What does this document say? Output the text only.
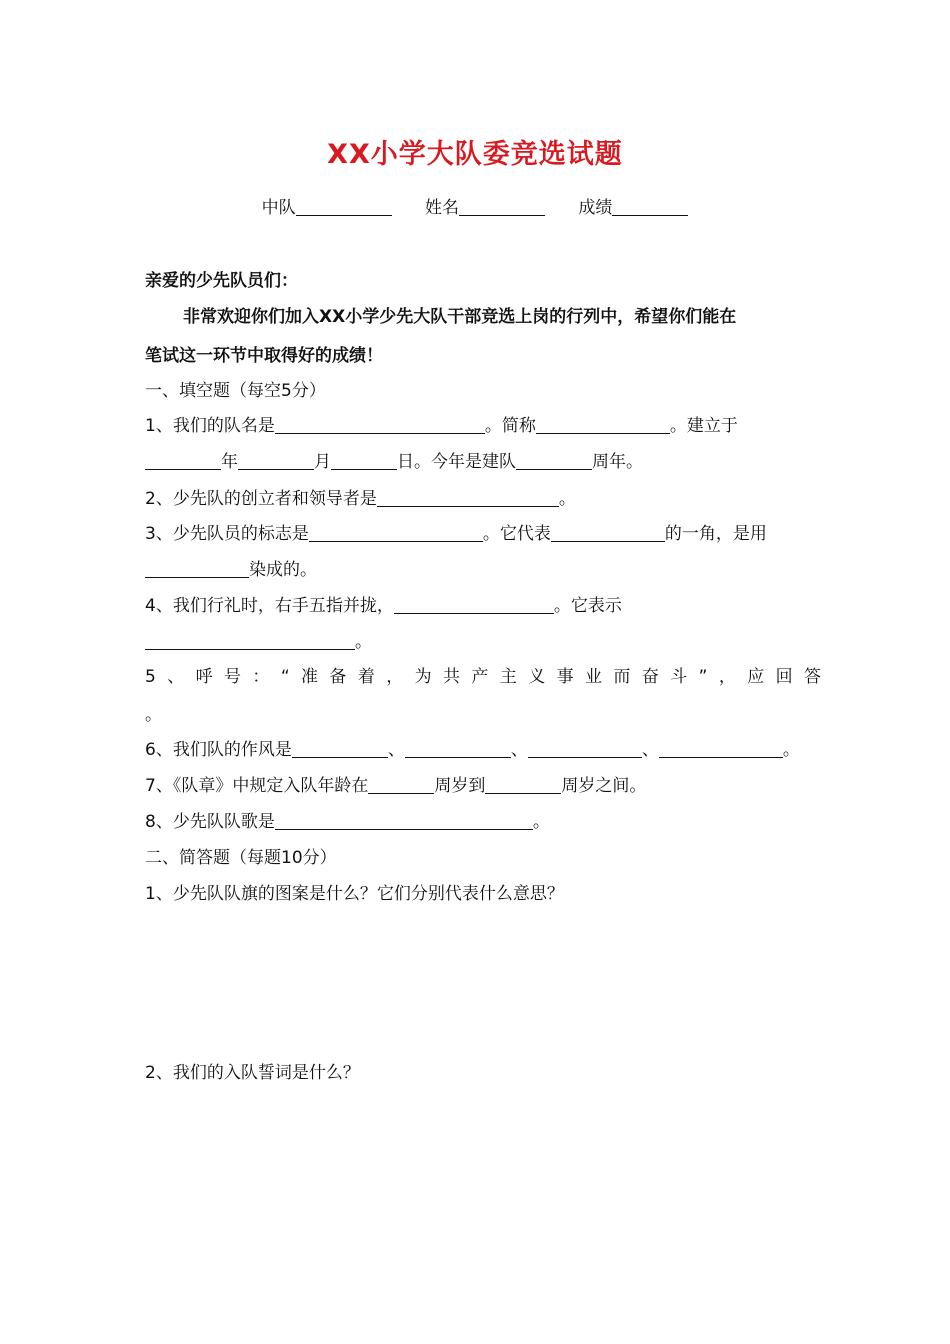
XX小学大队委竞选试题
中队	姓名	成绩
亲爱的少先队员们：
非常欢迎你们加入XX小学少先大队干部竞选上岗的行列中，希望你们能在
笔试这一环节中取得好的成绩！
一、填空题（每空5分）
1、我们的队名是	。简称	。建立于
年	月	日。今年是建队	周年。
2、少先队的创立者和领导者是	。
3、少先队员的标志是	。它代表	的一角，是用
染成的。
4、我们行礼时，右手五指并拢，	。它表示
。
5、呼号：“准备着，为共产主义事业而奋斗”，应回答
。
6、我们队的作风是	、	、	、	。
7、《队章》中规定入队年龄在	周岁到	周岁之间。
8、少先队队歌是	。
二、简答题（每题10分）
1、少先队队旗的图案是什么？它们分别代表什么意思？
2、我们的入队誓词是什么？
